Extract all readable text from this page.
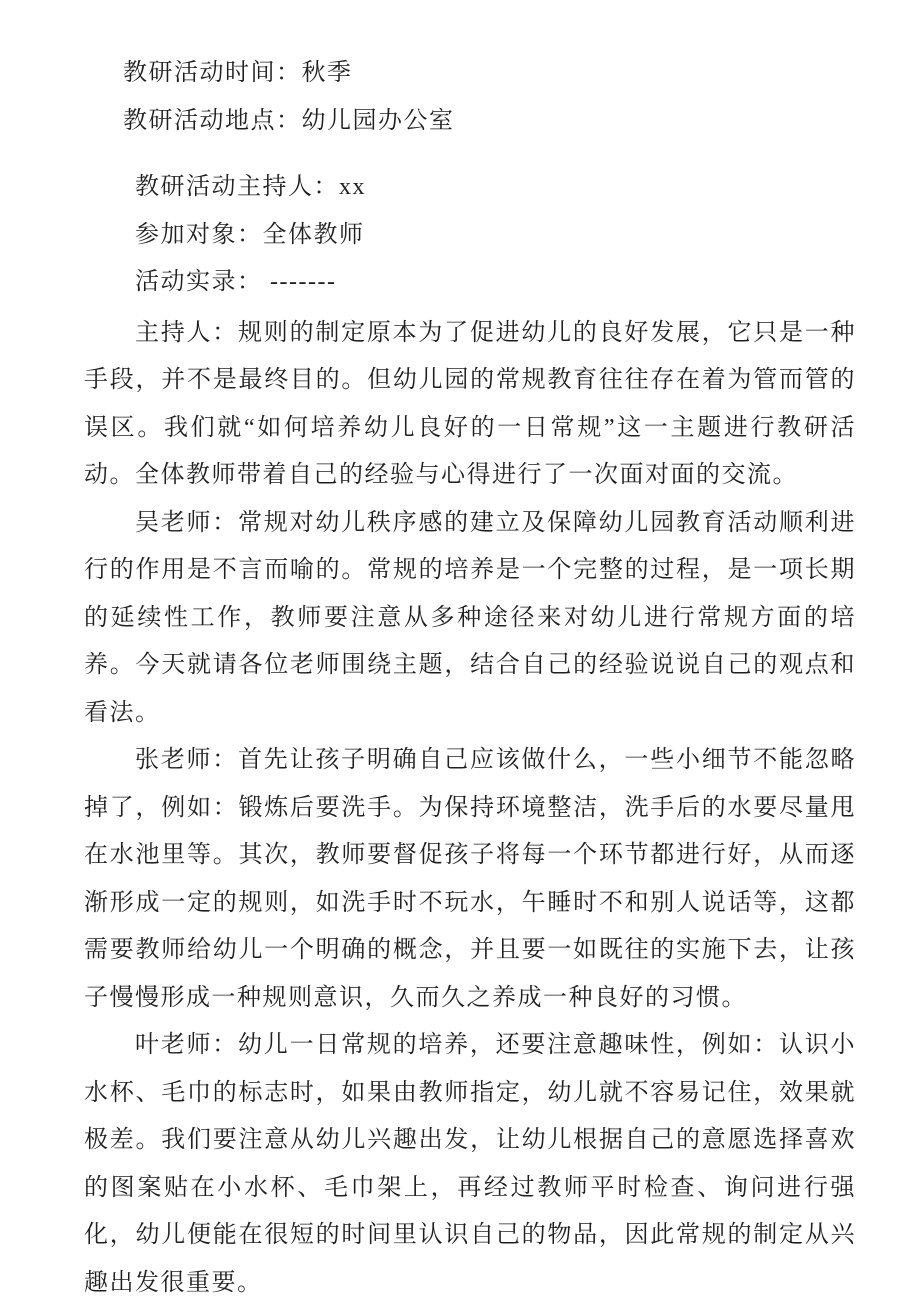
教研活动时间：秋季

教研活动地点：幼儿园办公室

教研活动主持人：xx

参加对象：全体教师

活动实录： -------

主持人：规则的制定原本为了促进幼儿的良好发展，它只是一种手段，并不是最终目的。但幼儿园的常规教育往往存在着为管而管的误区。我们就“如何培养幼儿良好的一日常规”这一主题进行教研活动。全体教师带着自己的经验与心得进行了一次面对面的交流。

吴老师：常规对幼儿秩序感的建立及保障幼儿园教育活动顺利进行的作用是不言而喻的。常规的培养是一个完整的过程，是一项长期的延续性工作，教师要注意从多种途径来对幼儿进行常规方面的培养。今天就请各位老师围绕主题，结合自己的经验说说自己的观点和看法。

张老师：首先让孩子明确自己应该做什么，一些小细节不能忽略掉了，例如：锻炼后要洗手。为保持环境整洁，洗手后的水要尽量甩在水池里等。其次，教师要督促孩子将每一个环节都进行好，从而逐渐形成一定的规则，如洗手时不玩水，午睡时不和别人说话等，这都需要教师给幼儿一个明确的概念，并且要一如既往的实施下去，让孩子慢慢形成一种规则意识，久而久之养成一种良好的习惯。

叶老师：幼儿一日常规的培养，还要注意趣味性，例如：认识小水杯、毛巾的标志时，如果由教师指定，幼儿就不容易记住，效果就极差。我们要注意从幼儿兴趣出发，让幼儿根据自己的意愿选择喜欢的图案贴在小水杯、毛巾架上，再经过教师平时检查、询问进行强化，幼儿便能在很短的时间里认识自己的物品，因此常规的制定从兴趣出发很重要。
